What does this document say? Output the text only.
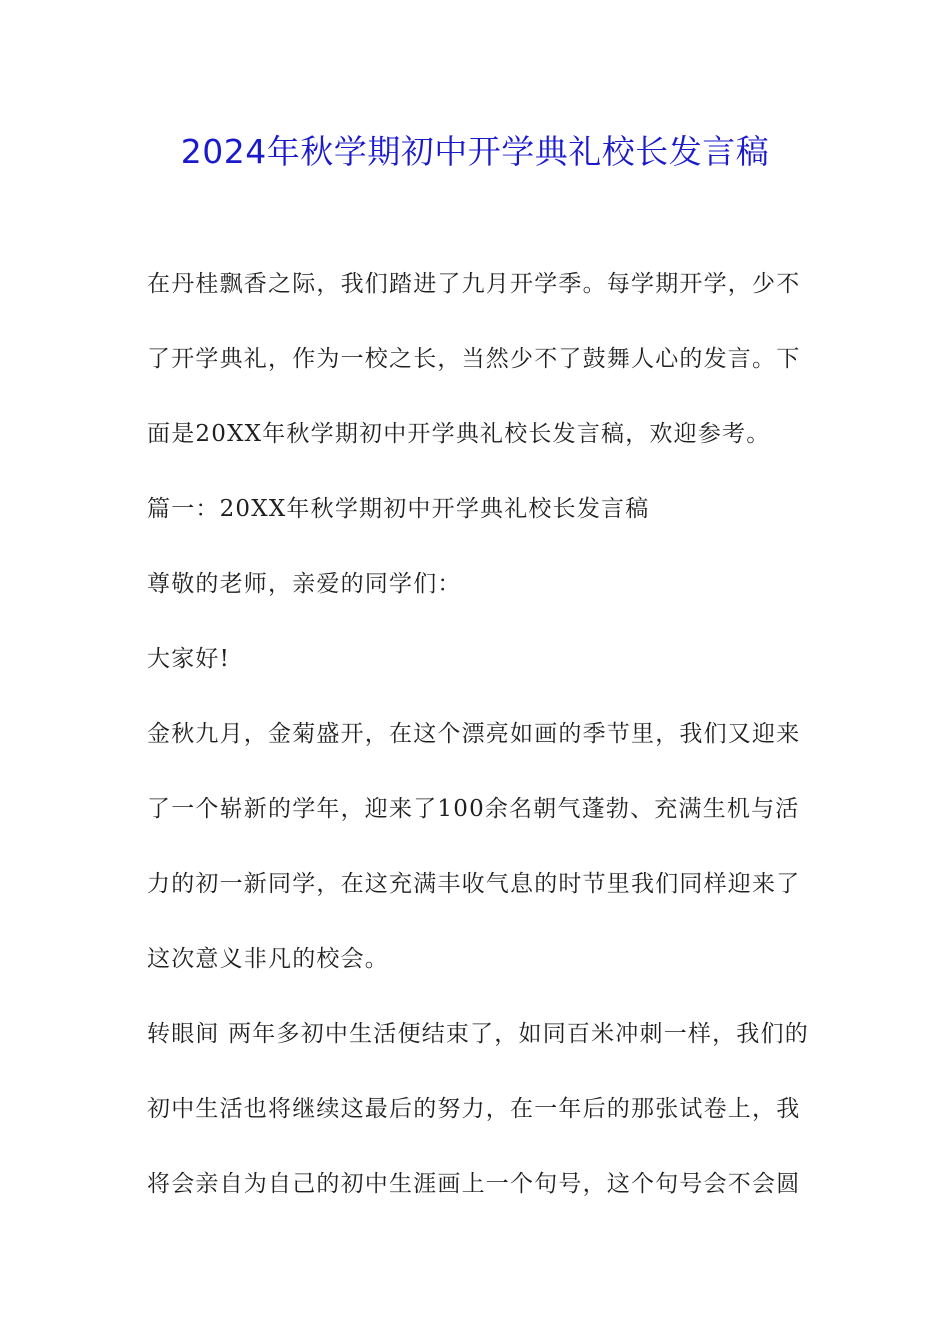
2024年秋学期初中开学典礼校长发言稿
在丹桂飘香之际，我们踏进了九月开学季。每学期开学，少不
了开学典礼，作为一校之长，当然少不了鼓舞人心的发言。下
面是20XX年秋学期初中开学典礼校长发言稿，欢迎参考。
篇一：20XX年秋学期初中开学典礼校长发言稿
尊敬的老师，亲爱的同学们：
大家好!
金秋九月，金菊盛开，在这个漂亮如画的季节里，我们又迎来
了一个崭新的学年，迎来了100余名朝气蓬勃、充满生机与活
力的初一新同学，在这充满丰收气息的时节里我们同样迎来了
这次意义非凡的校会。
转眼间 两年多初中生活便结束了，如同百米冲刺一样，我们的
初中生活也将继续这最后的努力，在一年后的那张试卷上，我
将会亲自为自己的初中生涯画上一个句号，这个句号会不会圆
